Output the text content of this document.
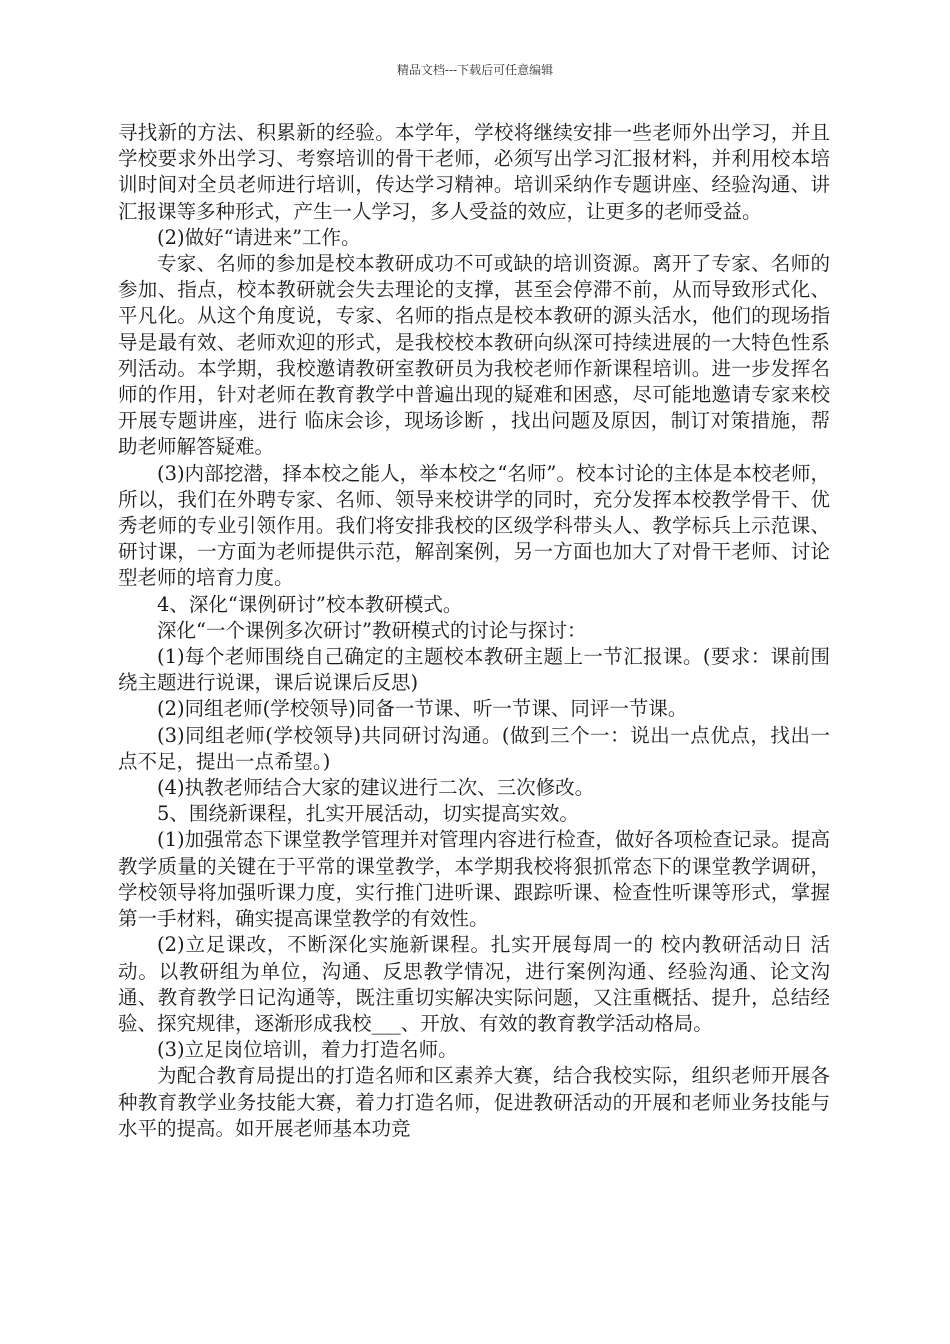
精品文档---下载后可任意编辑

寻找新的方法、积累新的经验。本学年，学校将继续安排一些老师外出学习，并且学校要求外出学习、考察培训的骨干老师，必须写出学习汇报材料，并利用校本培训时间对全员老师进行培训，传达学习精神。培训采纳作专题讲座、经验沟通、讲汇报课等多种形式，产生一人学习，多人受益的效应，让更多的老师受益。

(2)做好“请进来”工作。

专家、名师的参加是校本教研成功不可或缺的培训资源。离开了专家、名师的参加、指点，校本教研就会失去理论的支撑，甚至会停滞不前，从而导致形式化、平凡化。从这个角度说，专家、名师的指点是校本教研的源头活水，他们的现场指导是最有效、老师欢迎的形式，是我校校本教研向纵深可持续进展的一大特色性系列活动。本学期，我校邀请教研室教研员为我校老师作新课程培训。进一步发挥名师的作用，针对老师在教育教学中普遍出现的疑难和困惑，尽可能地邀请专家来校开展专题讲座，进行 临床会诊，现场诊断 ，找出问题及原因，制订对策措施，帮助老师解答疑难。

(3)内部挖潜，择本校之能人，举本校之“名师”。校本讨论的主体是本校老师，所以，我们在外聘专家、名师、领导来校讲学的同时，充分发挥本校教学骨干、优秀老师的专业引领作用。我们将安排我校的区级学科带头人、教学标兵上示范课、研讨课，一方面为老师提供示范，解剖案例，另一方面也加大了对骨干老师、讨论型老师的培育力度。

4、深化“课例研讨”校本教研模式。

深化“一个课例多次研讨”教研模式的讨论与探讨：

(1)每个老师围绕自己确定的主题校本教研主题上一节汇报课。(要求：课前围绕主题进行说课，课后说课后反思)

(2)同组老师(学校领导)同备一节课、听一节课、同评一节课。

(3)同组老师(学校领导)共同研讨沟通。(做到三个一：说出一点优点，找出一点不足，提出一点希望。)

(4)执教老师结合大家的建议进行二次、三次修改。

5、围绕新课程，扎实开展活动，切实提高实效。

(1)加强常态下课堂教学管理并对管理内容进行检查，做好各项检查记录。提高教学质量的关键在于平常的课堂教学，本学期我校将狠抓常态下的课堂教学调研，学校领导将加强听课力度，实行推门进听课、跟踪听课、检查性听课等形式，掌握第一手材料，确实提高课堂教学的有效性。

(2)立足课改，不断深化实施新课程。扎实开展每周一的 校内教研活动日 活动。以教研组为单位，沟通、反思教学情况，进行案例沟通、经验沟通、论文沟通、教育教学日记沟通等，既注重切实解决实际问题，又注重概括、提升，总结经验、探究规律，逐渐形成我校___、开放、有效的教育教学活动格局。

(3)立足岗位培训，着力打造名师。

为配合教育局提出的打造名师和区素养大赛，结合我校实际，组织老师开展各种教育教学业务技能大赛，着力打造名师，促进教研活动的开展和老师业务技能与水平的提高。如开展老师基本功竞
